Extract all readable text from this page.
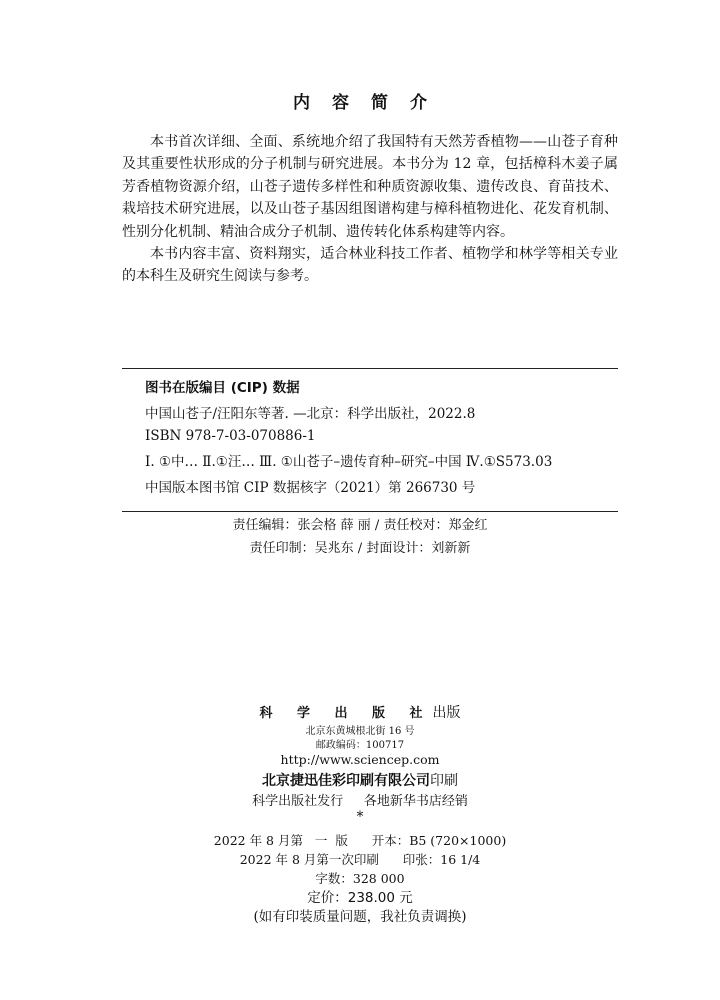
内 容 简 介

本书首次详细、全面、系统地介绍了我国特有天然芳香植物——山苍子育种及其重要性状形成的分子机制与研究进展。本书分为 12 章，包括樟科木姜子属芳香植物资源介绍，山苍子遗传多样性和种质资源收集、遗传改良、育苗技术、栽培技术研究进展，以及山苍子基因组图谱构建与樟科植物进化、花发育机制、性别分化机制、精油合成分子机制、遗传转化体系构建等内容。

本书内容丰富、资料翔实，适合林业科技工作者、植物学和林学等相关专业的本科生及研究生阅读与参考。

图书在版编目 (CIP) 数据
中国山苍子/汪阳东等著. —北京：科学出版社，2022.8
ISBN 978-7-03-070886-1
Ⅰ. ①中… Ⅱ.①汪… Ⅲ. ①山苍子–遗传育种–研究–中国 Ⅳ.①S573.03
中国版本图书馆 CIP 数据核字（2021）第 266730 号
责任编辑：张会格 薛 丽 / 责任校对：郑金红
责任印制：吴兆东 / 封面设计：刘新新
科 学 出 版 社出版
北京东黄城根北街 16 号
邮政编码：100717
http://www.sciencep.com
北京捷迅佳彩印刷有限公司印刷
科学出版社发行     各地新华书店经销
*
2022 年 8 月第   一  版      开本：B5 (720×1000)
2022 年 8 月第一次印刷      印张：16 1/4
字数：328 000
定价：238.00 元
(如有印装质量问题，我社负责调换)
